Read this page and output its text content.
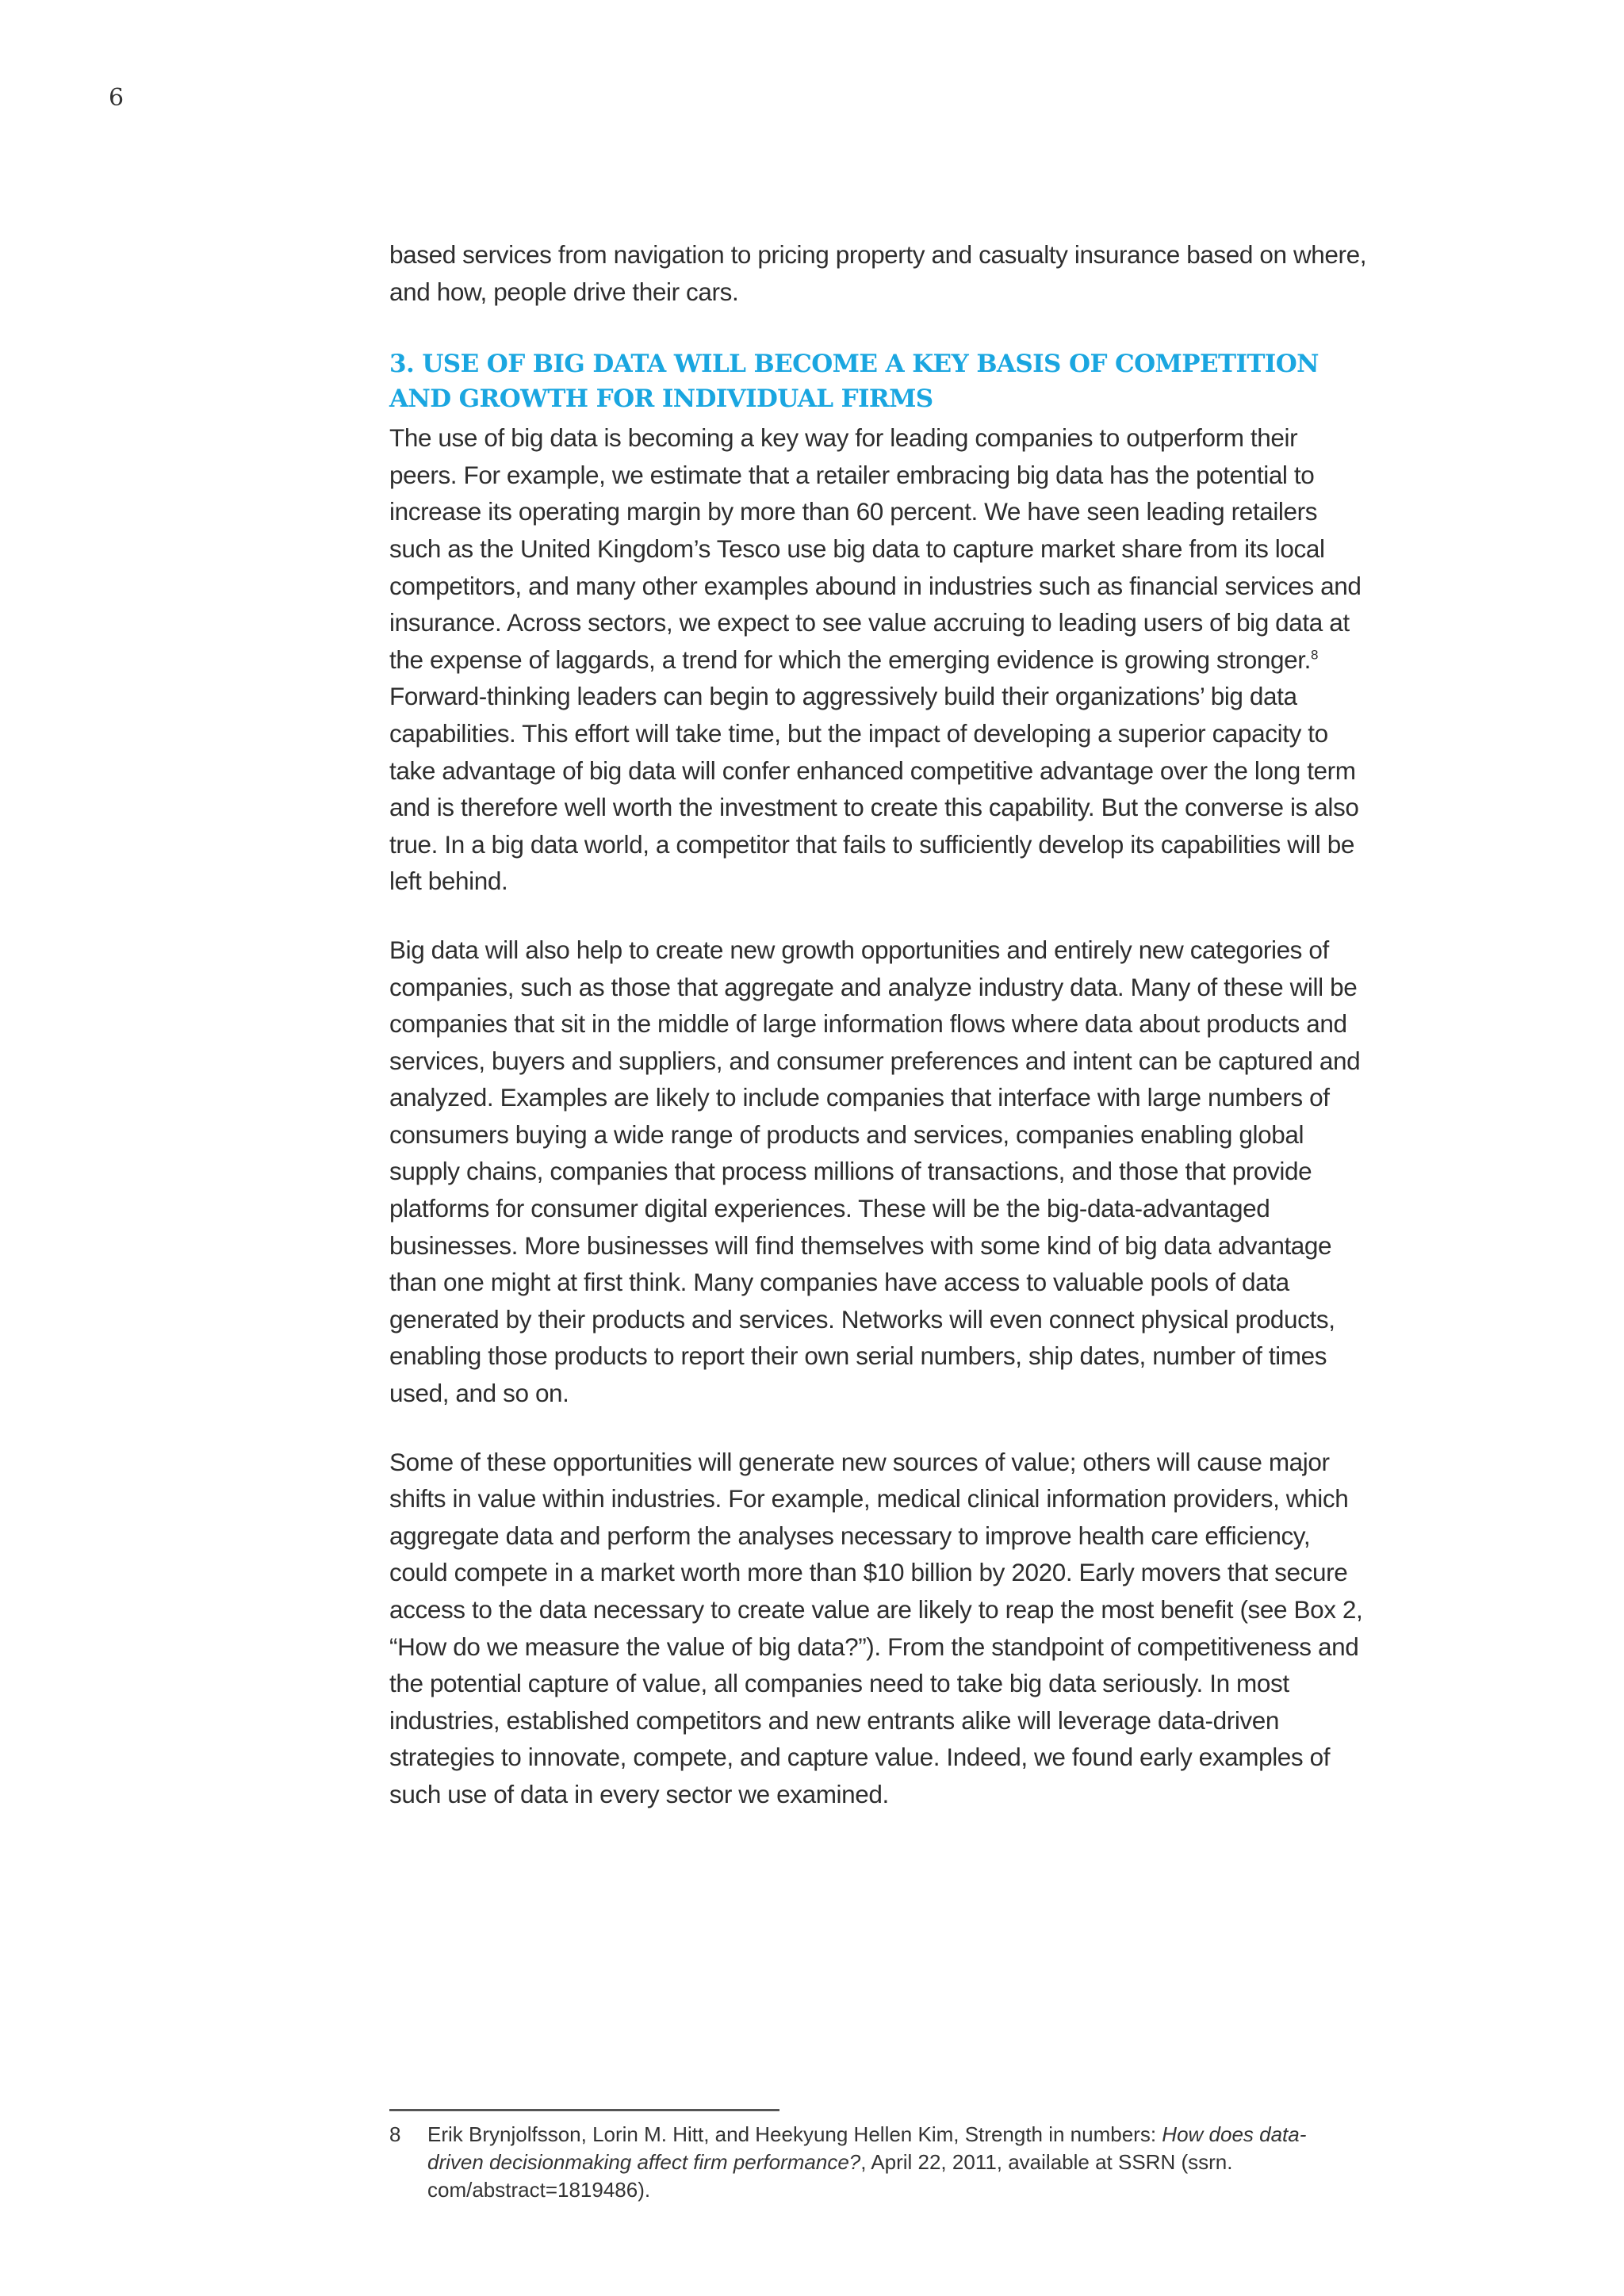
6

based services from navigation to pricing property and casualty insurance based on where, and how, people drive their cars.

3. USE OF BIG DATA WILL BECOME A KEY BASIS OF COMPETITION
AND GROWTH FOR INDIVIDUAL FIRMS

The use of big data is becoming a key way for leading companies to outperform their peers. For example, we estimate that a retailer embracing big data has the potential to increase its operating margin by more than 60 percent. We have seen leading retailers such as the United Kingdom’s Tesco use big data to capture market share from its local competitors, and many other examples abound in industries such as financial services and insurance. Across sectors, we expect to see value accruing to leading users of big data at the expense of laggards, a trend for which the emerging evidence is growing stronger.$^8$ Forward-thinking leaders can begin to aggressively build their organizations’ big data capabilities. This effort will take time, but the impact of developing a superior capacity to take advantage of big data will confer enhanced competitive advantage over the long term and is therefore well worth the investment to create this capability. But the converse is also true. In a big data world, a competitor that fails to sufficiently develop its capabilities will be left behind.

Big data will also help to create new growth opportunities and entirely new categories of companies, such as those that aggregate and analyze industry data. Many of these will be companies that sit in the middle of large information flows where data about products and services, buyers and suppliers, and consumer preferences and intent can be captured and analyzed. Examples are likely to include companies that interface with large numbers of consumers buying a wide range of products and services, companies enabling global supply chains, companies that process millions of transactions, and those that provide platforms for consumer digital experiences. These will be the big-data-advantaged businesses. More businesses will find themselves with some kind of big data advantage than one might at first think. Many companies have access to valuable pools of data generated by their products and services. Networks will even connect physical products, enabling those products to report their own serial numbers, ship dates, number of times used, and so on.

Some of these opportunities will generate new sources of value; others will cause major shifts in value within industries. For example, medical clinical information providers, which aggregate data and perform the analyses necessary to improve health care efficiency, could compete in a market worth more than $10 billion by 2020. Early movers that secure access to the data necessary to create value are likely to reap the most benefit (see Box 2, “How do we measure the value of big data?”). From the standpoint of competitiveness and the potential capture of value, all companies need to take big data seriously. In most industries, established competitors and new entrants alike will leverage data-driven strategies to innovate, compete, and capture value. Indeed, we found early examples of such use of data in every sector we examined.

8 Erik Brynjolfsson, Lorin M. Hitt, and Heekyung Hellen Kim, Strength in numbers: How does data-driven decisionmaking affect firm performance?, April 22, 2011, available at SSRN (ssrn. com/abstract=1819486).
